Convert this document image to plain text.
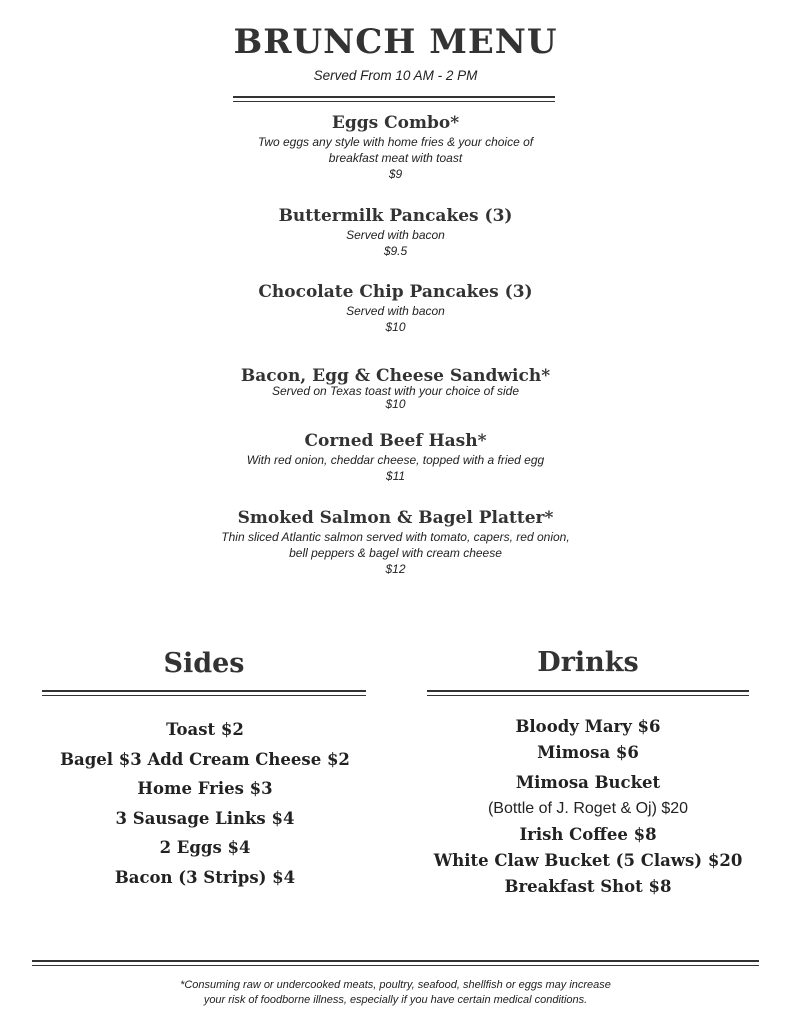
BRUNCH MENU
Served From 10 AM - 2 PM
Eggs Combo*
Two eggs any style with home fries & your choice of
breakfast meat with toast
$9
Buttermilk Pancakes (3)
Served with bacon
$9.5
Chocolate Chip Pancakes (3)
Served with bacon
$10
Bacon, Egg & Cheese Sandwich*
Served on Texas toast with your choice of side
$10
Corned Beef Hash*
With red onion, cheddar cheese, topped with a fried egg
$11
Smoked Salmon & Bagel Platter*
Thin sliced Atlantic salmon served with tomato, capers, red onion,
bell peppers & bagel with cream cheese
$12
Sides
Toast $2
Bagel $3 Add Cream Cheese $2
Home Fries $3
3 Sausage Links $4
2 Eggs $4
Bacon (3 Strips) $4
Drinks
Bloody Mary $6
Mimosa $6
Mimosa Bucket
(Bottle of J. Roget & Oj) $20
Irish Coffee $8
White Claw Bucket (5 Claws) $20
Breakfast Shot $8
*Consuming raw or undercooked meats, poultry, seafood, shellfish or eggs may increase
your risk of foodborne illness, especially if you have certain medical conditions.
